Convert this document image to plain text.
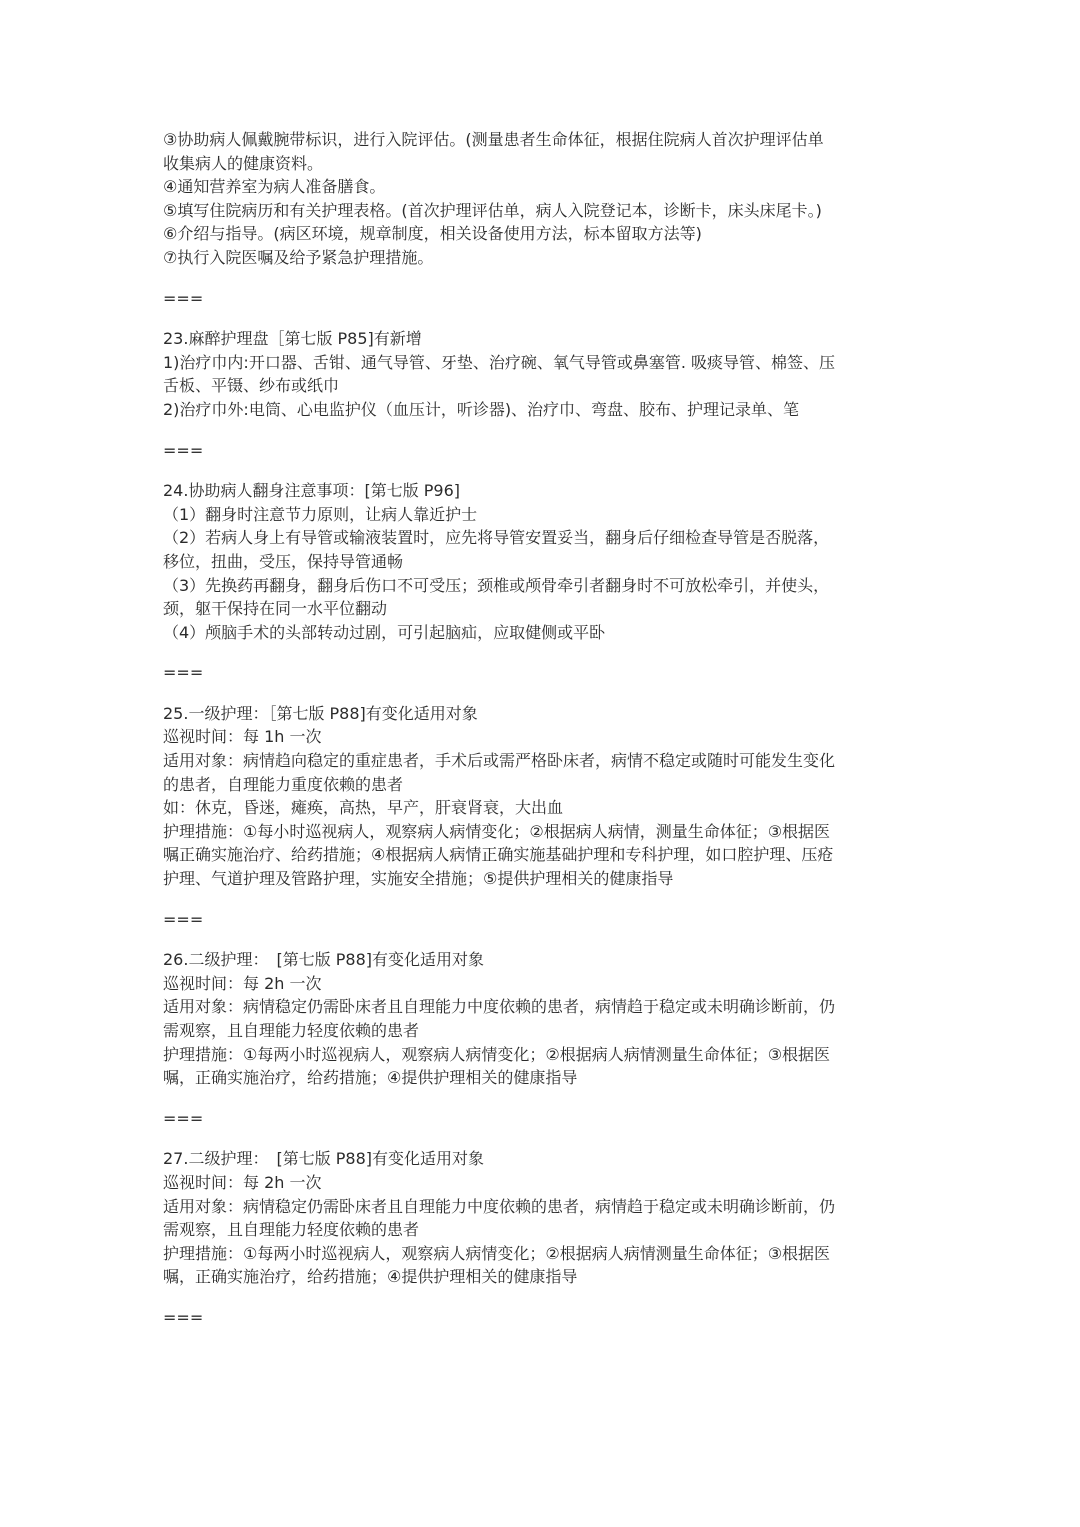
③协助病人佩戴腕带标识，进行入院评估。(测量患者生命体征，根据住院病人首次护理评估单
收集病人的健康资料。
④通知营养室为病人准备膳食。
⑤填写住院病历和有关护理表格。(首次护理评估单，病人入院登记本，诊断卡，床头床尾卡。)
⑥介绍与指导。(病区环境，规章制度，相关设备使用方法，标本留取方法等)
⑦执行入院医嘱及给予紧急护理措施。
===
23.麻醉护理盘［第七版 P85]有新增
1)治疗巾内:开口器、舌钳、通气导管、牙垫、治疗碗、氧气导管或鼻塞管. 吸痰导管、棉签、压
舌板、平镊、纱布或纸巾
2)治疗巾外:电筒、心电监护仪（血压计，听诊器)、治疗巾、弯盘、胶布、护理记录单、笔
===
24.协助病人翻身注意事项：[第七版 P96]
（1）翻身时注意节力原则，让病人靠近护士
（2）若病人身上有导管或输液装置时，应先将导管安置妥当，翻身后仔细检查导管是否脱落，
移位，扭曲，受压，保持导管通畅
（3）先换药再翻身，翻身后伤口不可受压；颈椎或颅骨牵引者翻身时不可放松牵引，并使头，
颈，躯干保持在同一水平位翻动
（4）颅脑手术的头部转动过剧，可引起脑疝，应取健侧或平卧
===
25.一级护理：［第七版 P88]有变化适用对象
巡视时间：每 1h 一次
适用对象：病情趋向稳定的重症患者，手术后或需严格卧床者，病情不稳定或随时可能发生变化
的患者，自理能力重度依赖的患者
如：休克，昏迷，瘫痪，高热，早产，肝衰肾衰，大出血
护理措施：①每小时巡视病人，观察病人病情变化；②根据病人病情，测量生命体征；③根据医
嘱正确实施治疗、给药措施；④根据病人病情正确实施基础护理和专科护理，如口腔护理、压疮
护理、气道护理及管路护理，实施安全措施；⑤提供护理相关的健康指导
===
26.二级护理：　[第七版 P88]有变化适用对象
巡视时间：每 2h 一次
适用对象：病情稳定仍需卧床者且自理能力中度依赖的患者，病情趋于稳定或未明确诊断前，仍
需观察，且自理能力轻度依赖的患者
护理措施：①每两小时巡视病人，观察病人病情变化；②根据病人病情测量生命体征；③根据医
嘱，正确实施治疗，给药措施；④提供护理相关的健康指导
===
27.二级护理：　[第七版 P88]有变化适用对象
巡视时间：每 2h 一次
适用对象：病情稳定仍需卧床者且自理能力中度依赖的患者，病情趋于稳定或未明确诊断前，仍
需观察，且自理能力轻度依赖的患者
护理措施：①每两小时巡视病人，观察病人病情变化；②根据病人病情测量生命体征；③根据医
嘱，正确实施治疗，给药措施；④提供护理相关的健康指导
===
